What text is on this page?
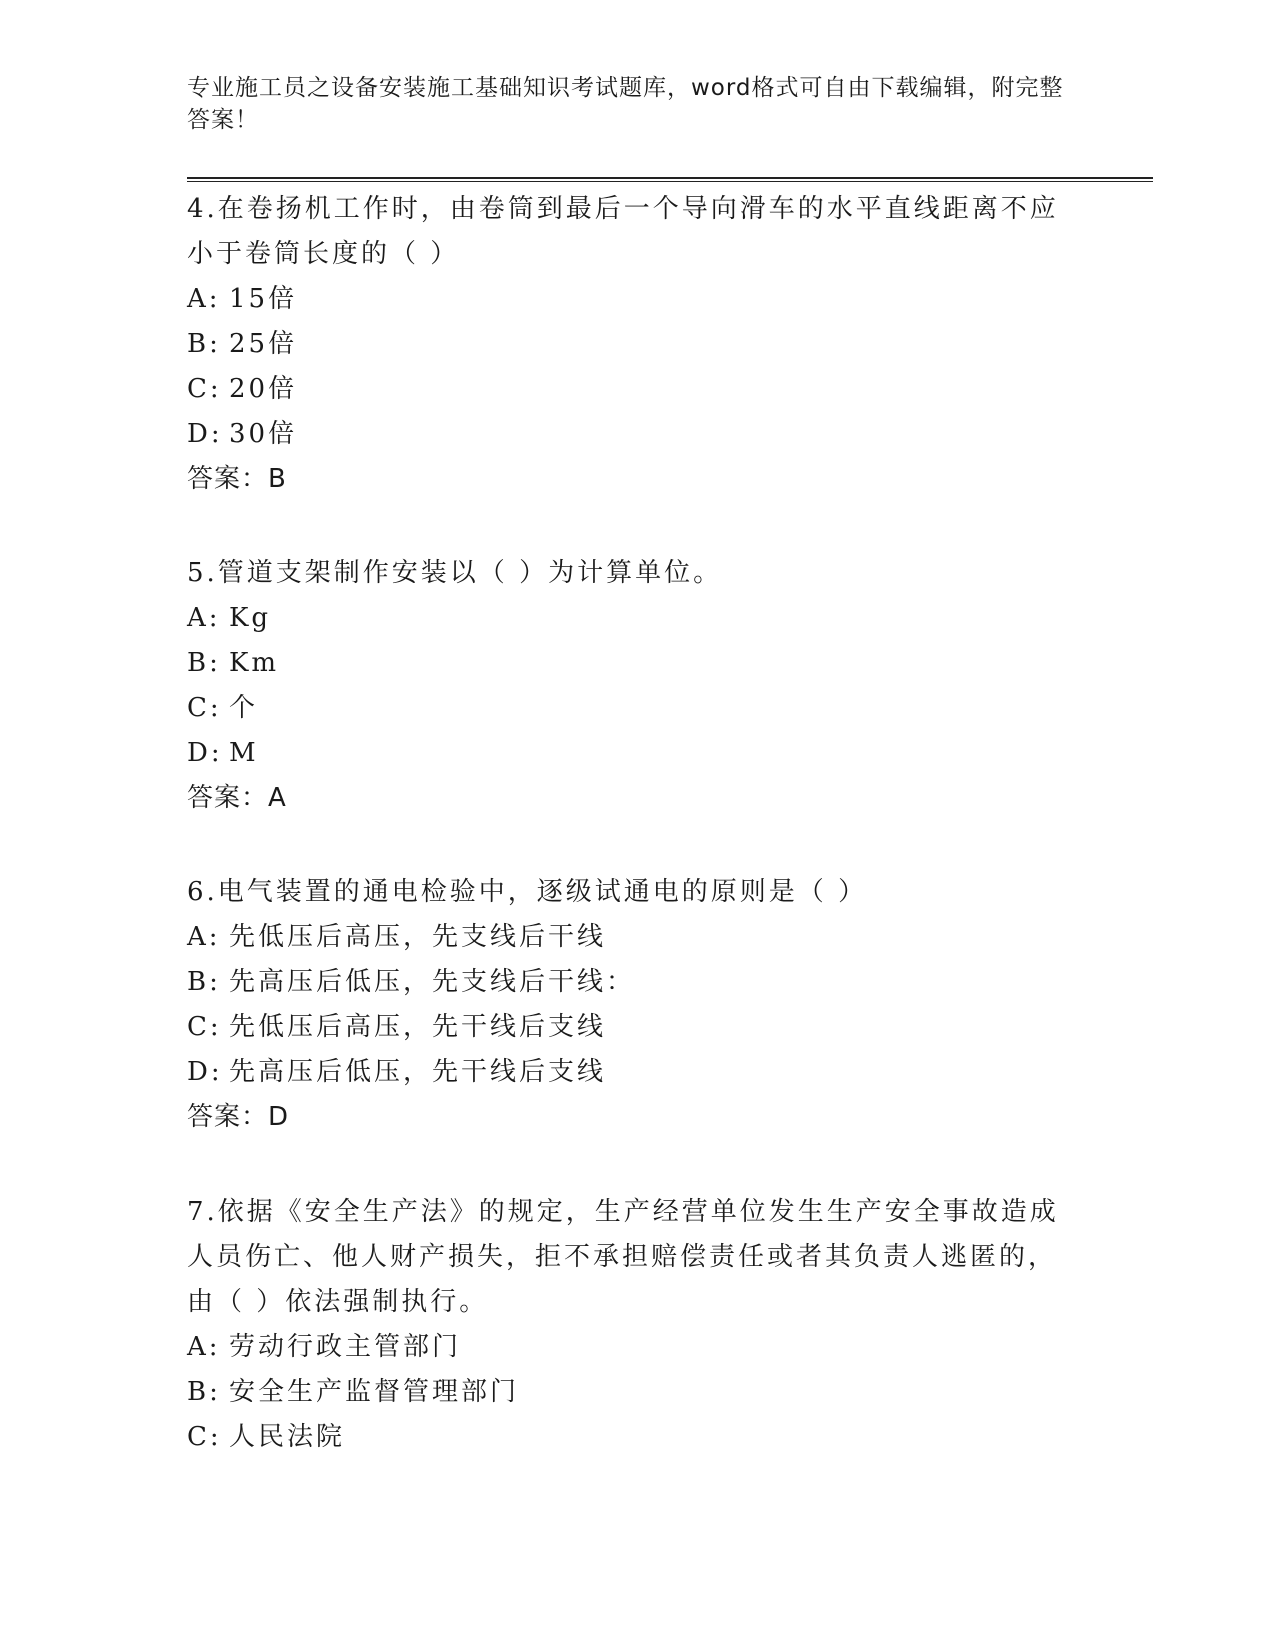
专业施工员之设备安装施工基础知识考试题库，word格式可自由下载编辑，附完整答案！

4.在卷扬机工作时，由卷筒到最后一个导向滑车的水平直线距离不应小于卷筒长度的（ ）

A: 15倍

B: 25倍

C: 20倍

D: 30倍

答案：B

5.管道支架制作安装以（ ）为计算单位。

A: Kg

B: Km

C: 个

D: M

答案：A

6.电气装置的通电检验中，逐级试通电的原则是（ ）

A: 先低压后高压，先支线后干线

B: 先高压后低压，先支线后干线：

C: 先低压后高压，先干线后支线

D: 先高压后低压，先干线后支线

答案：D

7.依据《安全生产法》的规定，生产经营单位发生生产安全事故造成人员伤亡、他人财产损失，拒不承担赔偿责任或者其负责人逃匿的，由（ ）依法强制执行。

A: 劳动行政主管部门

B: 安全生产监督管理部门

C: 人民法院
